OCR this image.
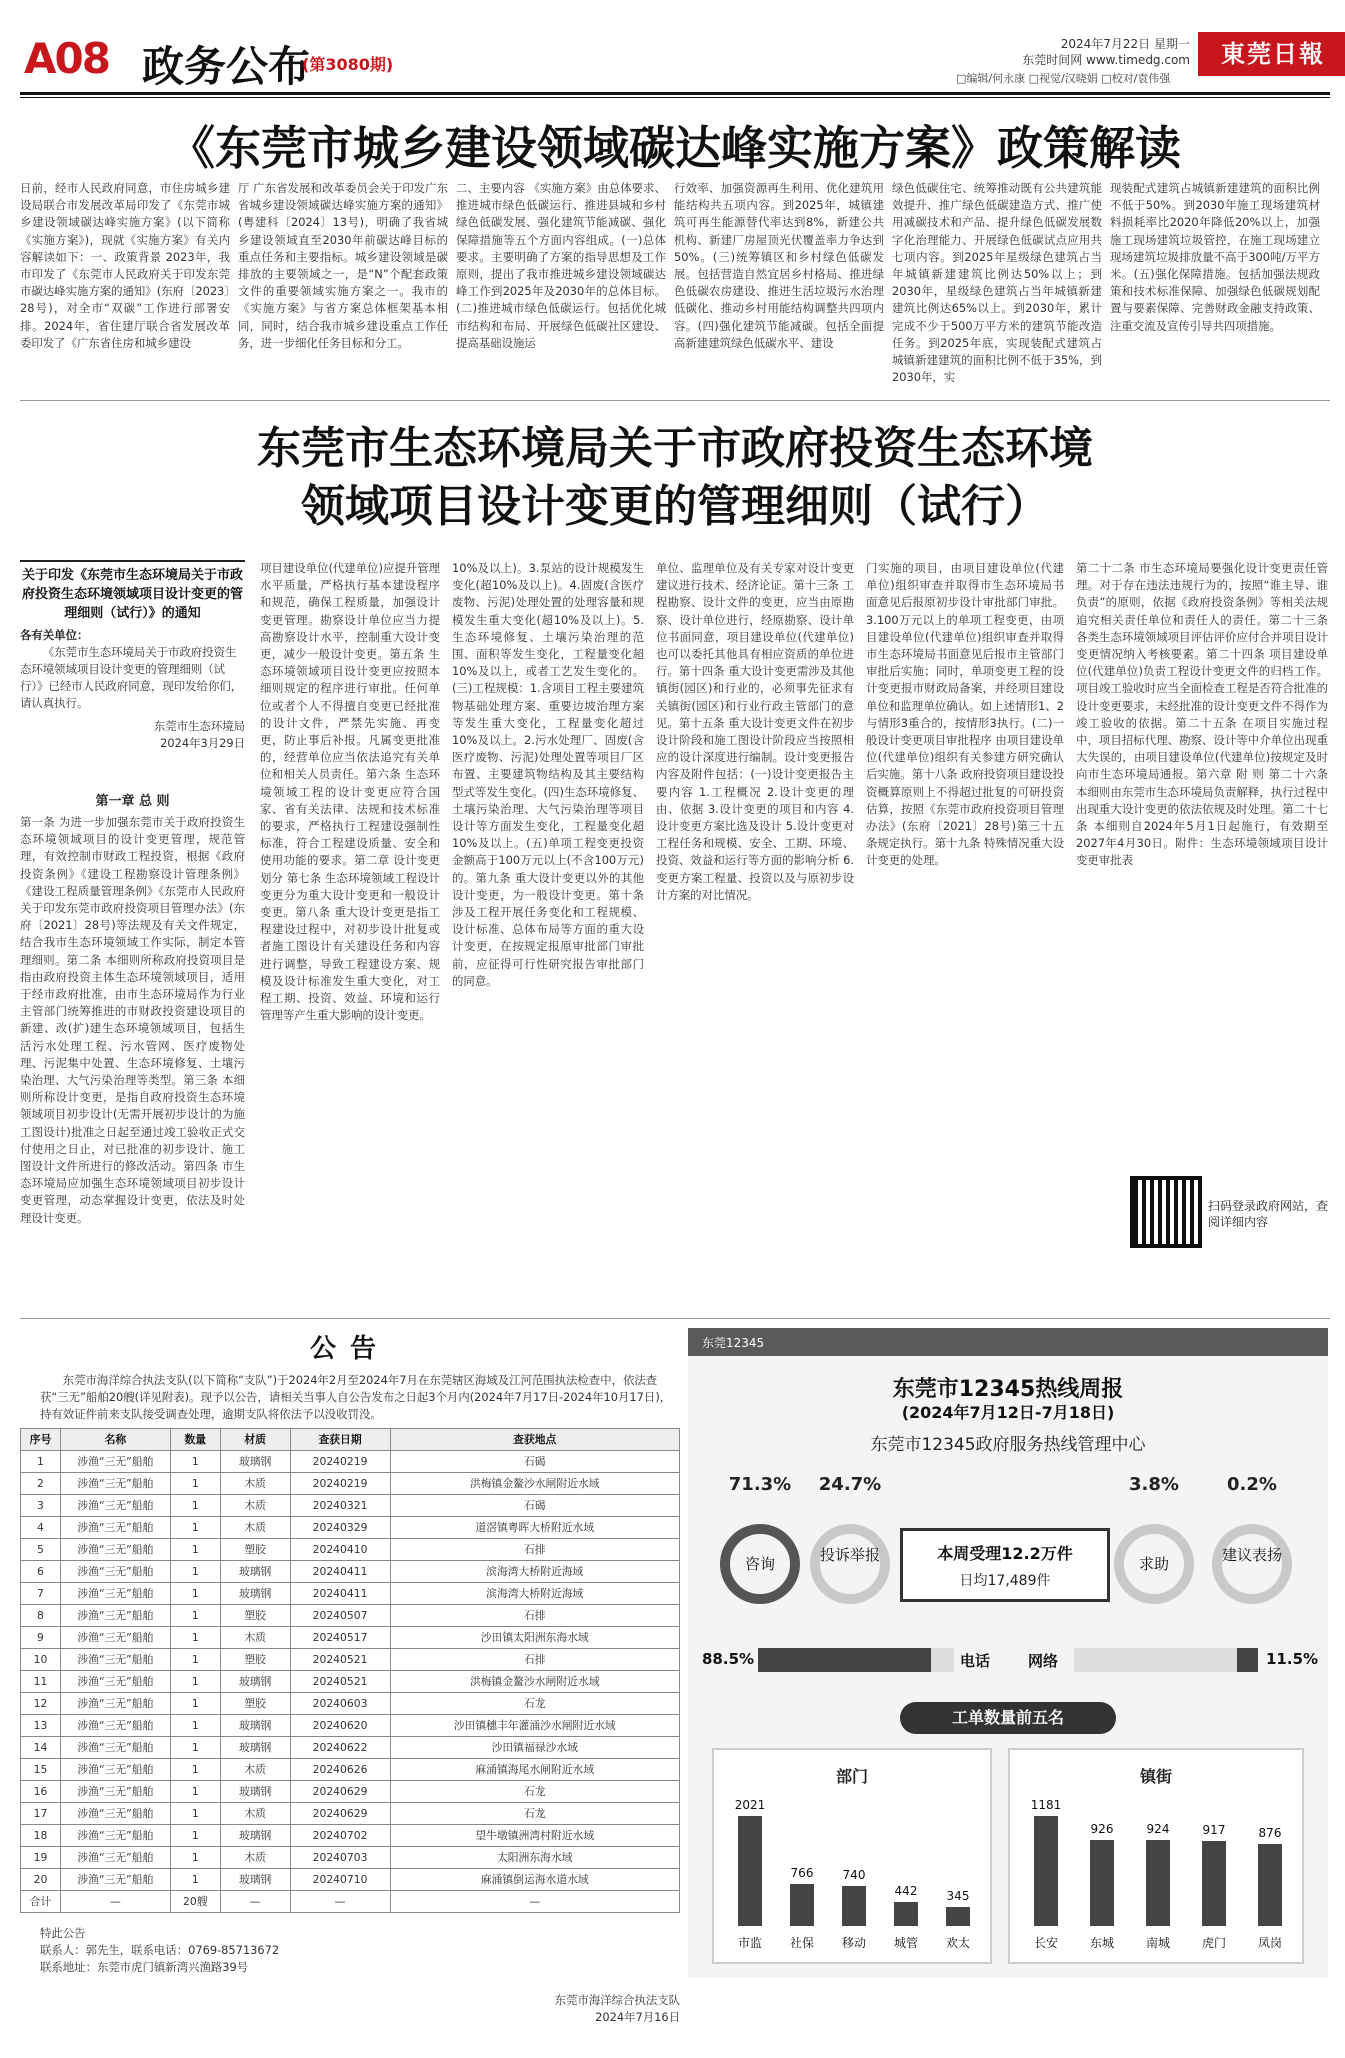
A08 政务公布
(第3080期)
2024年7月22日 星期一
东莞时间网 www.timedg.com
□编辑/何永康 □视觉/汉晓娟 □校对/袁伟强
東莞日報
《东莞市城乡建设领域碳达峰实施方案》政策解读
日前，经市人民政府同意，市住房城乡建设局联合市发展改革局印发了《东莞市城乡建设领域碳达峰实施方案》(以下简称《实施方案》)，现就《实施方案》有关内容解读如下：一、政策背景 2023年，我市印发了《东莞市人民政府关于印发东莞市碳达峰实施方案的通知》(东府〔2023〕28号)，对全市“双碳”工作进行部署安排。2024年，省住建厅联合省发展改革委印发了《广东省住房和城乡建设
厅 广东省发展和改革委员会关于印发广东省城乡建设领域碳达峰实施方案的通知》(粤建科〔2024〕13号)，明确了我省城乡建设领域直至2030年前碳达峰目标的重点任务和主要指标。城乡建设领域是碳排放的主要领域之一，是“N”个配套政策文件的重要领域实施方案之一。我市的《实施方案》与省方案总体框架基本相同，同时，结合我市城乡建设重点工作任务，进一步细化任务目标和分工。
二、主要内容 《实施方案》由总体要求、推进城市绿色低碳运行、推进县城和乡村绿色低碳发展、强化建筑节能减碳、强化保障措施等五个方面内容组成。(一)总体要求。主要明确了方案的指导思想及工作原则，提出了我市推进城乡建设领域碳达峰工作到2025年及2030年的总体目标。(二)推进城市绿色低碳运行。包括优化城市结构和布局、开展绿色低碳社区建设、提高基础设施运
行效率、加强资源再生利用、优化建筑用能结构共五项内容。到2025年，城镇建筑可再生能源替代率达到8%，新建公共机构、新建厂房屋顶光伏覆盖率力争达到50%。(三)统筹镇区和乡村绿色低碳发展。包括营造自然宜居乡村格局、推进绿色低碳农房建设、推进生活垃圾污水治理低碳化、推动乡村用能结构调整共四项内容。(四)强化建筑节能减碳。包括全面提高新建建筑绿色低碳水平、建设
绿色低碳住宅、统筹推动既有公共建筑能效提升、推广绿色低碳建造方式、推广使用减碳技术和产品、提升绿色低碳发展数字化治理能力、开展绿色低碳试点应用共七项内容。到2025年星级绿色建筑占当年城镇新建建筑比例达50%以上；到2030年，星级绿色建筑占当年城镇新建建筑比例达65%以上。到2030年，累计完成不少于500万平方米的建筑节能改造任务。到2025年底，实现装配式建筑占城镇新建建筑的面积比例不低于35%，到2030年，实
现装配式建筑占城镇新建建筑的面积比例不低于50%。到2030年施工现场建筑材料损耗率比2020年降低20%以上，加强施工现场建筑垃圾管控，在施工现场建立现场建筑垃圾排放量不高于300吨/万平方米。(五)强化保障措施。包括加强法规政策和技术标准保障、加强绿色低碳规划配置与要素保障、完善财政金融支持政策、注重交流及宣传引导共四项措施。
东莞市生态环境局关于市政府投资生态环境
领域项目设计变更的管理细则（试行）
关于印发《东莞市生态环境局关于市政府投资生态环境领域项目设计变更的管理细则（试行）》的通知
各有关单位：
《东莞市生态环境局关于市政府投资生态环境领域项目设计变更的管理细则（试行）》已经市人民政府同意，现印发给你们，请认真执行。
东莞市生态环境局
2024年3月29日
第一章 总 则
第一条 为进一步加强东莞市关于政府投资生态环境领域项目的设计变更管理，规范管理，有效控制市财政工程投资，根据《政府投资条例》《建设工程勘察设计管理条例》《建设工程质量管理条例》《东莞市人民政府关于印发东莞市政府投资项目管理办法》(东府〔2021〕28号)等法规及有关文件规定，结合我市生态环境领域工作实际，制定本管理细则。第二条 本细则所称政府投资项目是指由政府投资主体生态环境领域项目，适用于经市政府批准，由市生态环境局作为行业主管部门统筹推进的市财政投资建设项目的新建、改(扩)建生态环境领域项目，包括生活污水处理工程、污水管网、医疗废物处理、污泥集中处置、生态环境修复、土壤污染治理、大气污染治理等类型。第三条 本细则所称设计变更，是指自政府投资生态环境领域项目初步设计(无需开展初步设计的为施工图设计)批准之日起至通过竣工验收正式交付使用之日止，对已批准的初步设计、施工图设计文件所进行的修改活动。第四条 市生态环境局应加强生态环境领域项目初步设计变更管理，动态掌握设计变更，依法及时处理设计变更。
项目建设单位(代建单位)应提升管理水平质量，严格执行基本建设程序和规范，确保工程质量，加强设计变更管理。勘察设计单位应当力提高勘察设计水平，控制重大设计变更，减少一般设计变更。第五条 生态环境领域项目设计变更应按照本细则规定的程序进行审批。任何单位或者个人不得擅自变更已经批准的设计文件，严禁先实施、再变更，防止事后补报。凡属变更批准的，经营单位应当依法追究有关单位和相关人员责任。第六条 生态环境领域工程的设计变更应符合国家、省有关法律、法规和技术标准的要求，严格执行工程建设强制性标准，符合工程建设质量、安全和使用功能的要求。第二章 设计变更划分 第七条 生态环境领域工程设计变更分为重大设计变更和一般设计变更。第八条 重大设计变更是指工程建设过程中，对初步设计批复或者施工图设计有关建设任务和内容进行调整，导致工程建设方案、规模及设计标准发生重大变化，对工程工期、投资、效益、环境和运行管理等产生重大影响的设计变更。
10%及以上)。3.泵站的设计规模发生变化(超10%及以上)。4.固废(含医疗废物、污泥)处理处置的处理容量和规模发生重大变化(超10%及以上)。5.生态环境修复、土壤污染治理的范围、面积等发生变化，工程量变化超10%及以上，或者工艺发生变化的。(三)工程规模：1.含项目工程主要建筑物基础处理方案、重要边坡治理方案等发生重大变化，工程量变化超过10%及以上。2.污水处理厂、固废(含医疗废物、污泥)处理处置等项目厂区布置、主要建筑物结构及其主要结构型式等发生变化。(四)生态环境修复、土壤污染治理、大气污染治理等项目设计等方面发生变化，工程量变化超10%及以上。(五)单项工程变更投资金额高于100万元以上(不含100万元)的。第九条 重大设计变更以外的其他设计变更，为一般设计变更。第十条 涉及工程开展任务变化和工程规模、设计标准、总体布局等方面的重大设计变更，在按规定报原审批部门审批前，应征得可行性研究报告审批部门的同意。
单位、监理单位及有关专家对设计变更建议进行技术、经济论证。第十三条 工程勘察、设计文件的变更，应当由原勘察、设计单位进行，经原勘察、设计单位书面同意，项目建设单位(代建单位)也可以委托其他具有相应资质的单位进行。第十四条 重大设计变更需涉及其他镇街(园区)和行业的，必须事先征求有关镇街(园区)和行业行政主管部门的意见。第十五条 重大设计变更文件在初步设计阶段和施工图设计阶段应当按照相应的设计深度进行编制。设计变更报告内容及附件包括：(一)设计变更报告主要内容 1.工程概况 2.设计变更的理由、依据 3.设计变更的项目和内容 4.设计变更方案比选及设计 5.设计变更对工程任务和规模、安全、工期、环境、投资、效益和运行等方面的影响分析 6.变更方案工程量、投资以及与原初步设计方案的对比情况。
门实施的项目，由项目建设单位(代建单位)组织审查并取得市生态环境局书面意见后报原初步设计审批部门审批。3.100万元以上的单项工程变更，由项目建设单位(代建单位)组织审查并取得市生态环境局书面意见后报市主管部门审批后实施；同时，单项变更工程的设计变更报市财政局备案，并经项目建设单位和监理单位确认。如上述情形1、2与情形3重合的，按情形3执行。(二)一般设计变更项目审批程序 由项目建设单位(代建单位)组织有关参建方研究确认后实施。第十八条 政府投资项目建设投资概算原则上不得超过批复的可研投资估算，按照《东莞市政府投资项目管理办法》(东府〔2021〕28号)第三十五条规定执行。第十九条 特殊情况重大设计变更的处理。
第二十二条 市生态环境局要强化设计变更责任管理。对于存在违法违规行为的，按照“谁主导、谁负责”的原则，依据《政府投资条例》等相关法规追究相关责任单位和责任人的责任。第二十三条 各类生态环境领域项目评估评价应付合并项目设计变更情况纳入考核要素。第二十四条 项目建设单位(代建单位)负责工程设计变更文件的归档工作。项目竣工验收时应当全面检查工程是否符合批准的设计变更要求，未经批准的设计变更文件不得作为竣工验收的依据。第二十五条 在项目实施过程中，项目招标代理、勘察、设计等中介单位出现重大失误的，由项目建设单位(代建单位)按规定及时向市生态环境局通报。第六章 附 则 第二十六条 本细则由东莞市生态环境局负责解释，执行过程中出现重大设计变更的依法依规及时处理。第二十七条 本细则自2024年5月1日起施行，有效期至2027年4月30日。附件：生态环境领域项目设计变更审批表
扫码登录政府网站，查阅详细内容
公告
东莞市海洋综合执法支队(以下简称“支队”)于2024年2月至2024年7月在东莞辖区海域及江河范围执法检查中，依法查获“三无”船舶20艘(详见附表)。现予以公告，请相关当事人自公告发布之日起3个月内(2024年7月17日-2024年10月17日)，持有效证件前来支队接受调查处理，逾期支队将依法予以没收罚没。
序号	名称	数量	材质	查获日期	查获地点
1	涉渔“三无”船舶	1	玻璃钢	20240219	石碣
2	涉渔“三无”船舶	1	木质	20240219	洪梅镇金鳌沙水闸附近水域
3	涉渔“三无”船舶	1	木质	20240321	石碣
4	涉渔“三无”船舶	1	木质	20240329	道滘镇粤晖大桥附近水域
5	涉渔“三无”船舶	1	塑胶	20240410	石排
6	涉渔“三无”船舶	1	玻璃钢	20240411	滨海湾大桥附近海域
7	涉渔“三无”船舶	1	玻璃钢	20240411	滨海湾大桥附近海域
8	涉渔“三无”船舶	1	塑胶	20240507	石排
9	涉渔“三无”船舶	1	木质	20240517	沙田镇太阳洲东海水域
10	涉渔“三无”船舶	1	塑胶	20240521	石排
11	涉渔“三无”船舶	1	玻璃钢	20240521	洪梅镇金鳌沙水闸附近水域
12	涉渔“三无”船舶	1	塑胶	20240603	石龙
13	涉渔“三无”船舶	1	玻璃钢	20240620	沙田镇穗丰年灌涌沙水闸附近水域
14	涉渔“三无”船舶	1	玻璃钢	20240622	沙田镇福禄沙水域
15	涉渔“三无”船舶	1	木质	20240626	麻涌镇海尾水闸附近水域
16	涉渔“三无”船舶	1	玻璃钢	20240629	石龙
17	涉渔“三无”船舶	1	木质	20240629	石龙
18	涉渔“三无”船舶	1	玻璃钢	20240702	望牛墩镇洲湾村附近水域
19	涉渔“三无”船舶	1	木质	20240703	太阳洲东海水域
20	涉渔“三无”船舶	1	玻璃钢	20240710	麻涌镇倒运海水道水域
合计	—	20艘	—	—	—
特此公告
联系人：郭先生，联系电话：0769-85713672
联系地址：东莞市虎门镇新湾兴渔路39号
东莞市海洋综合执法支队
2024年7月16日
东莞12345
东莞市12345热线周报
(2024年7月12日-7月18日)
东莞市12345政府服务热线管理中心
71.3%	24.7%	3.8%	0.2%
咨询	投诉举报	求助	建议表扬
本周受理12.2万件
日均17,489件
88.5%	电话	网络	11.5%
工单数量前五名
部门
2021
市监
766
社保
740
移动
442
城管
345
欢太
镇街
1181
长安
926
东城
924
南城
917
虎门
876
凤岗
